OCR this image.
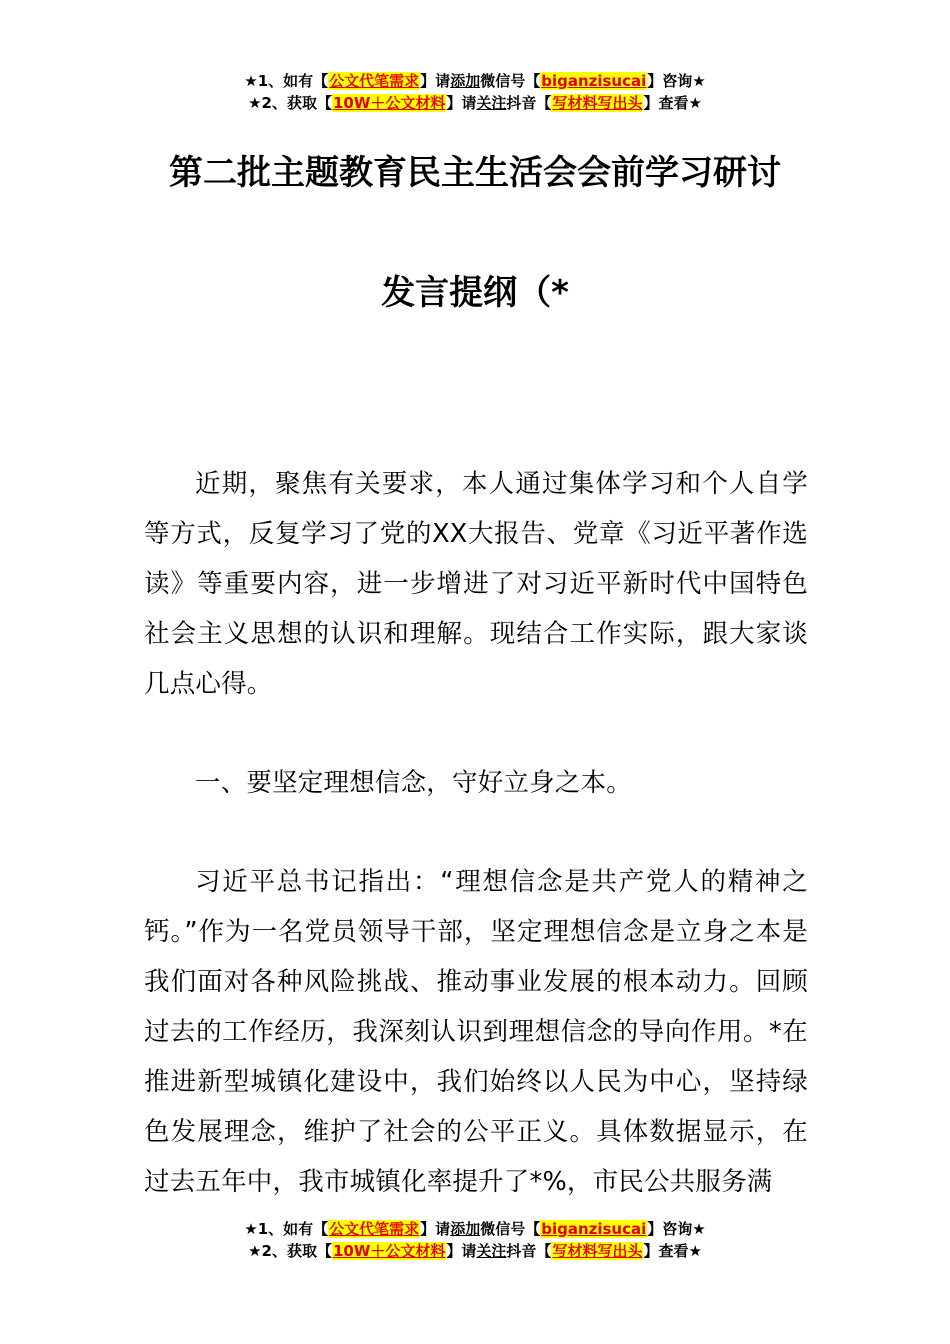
★1、如有【公文代笔需求】请添加微信号【biganzisucai】咨询★
★2、获取【10W＋公文材料】请关注抖音【写材料写出头】查看★
第二批主题教育民主生活会会前学习研讨
发言提纲（*

近期，聚焦有关要求，本人通过集体学习和个人自学等方式，反复学习了党的XX大报告、党章《习近平著作选读》等重要内容，进一步增进了对习近平新时代中国特色社会主义思想的认识和理解。现结合工作实际，跟大家谈几点心得。

一、要坚定理想信念，守好立身之本。

习近平总书记指出：“理想信念是共产党人的精神之钙。”作为一名党员领导干部，坚定理想信念是立身之本是我们面对各种风险挑战、推动事业发展的根本动力。回顾过去的工作经历，我深刻认识到理想信念的导向作用。*在推进新型城镇化建设中，我们始终以人民为中心，坚持绿色发展理念，维护了社会的公平正义。具体数据显示，在过去五年中，我市城镇化率提升了*%，市民公共服务满

★1、如有【公文代笔需求】请添加微信号【biganzisucai】咨询★
★2、获取【10W＋公文材料】请关注抖音【写材料写出头】查看★
